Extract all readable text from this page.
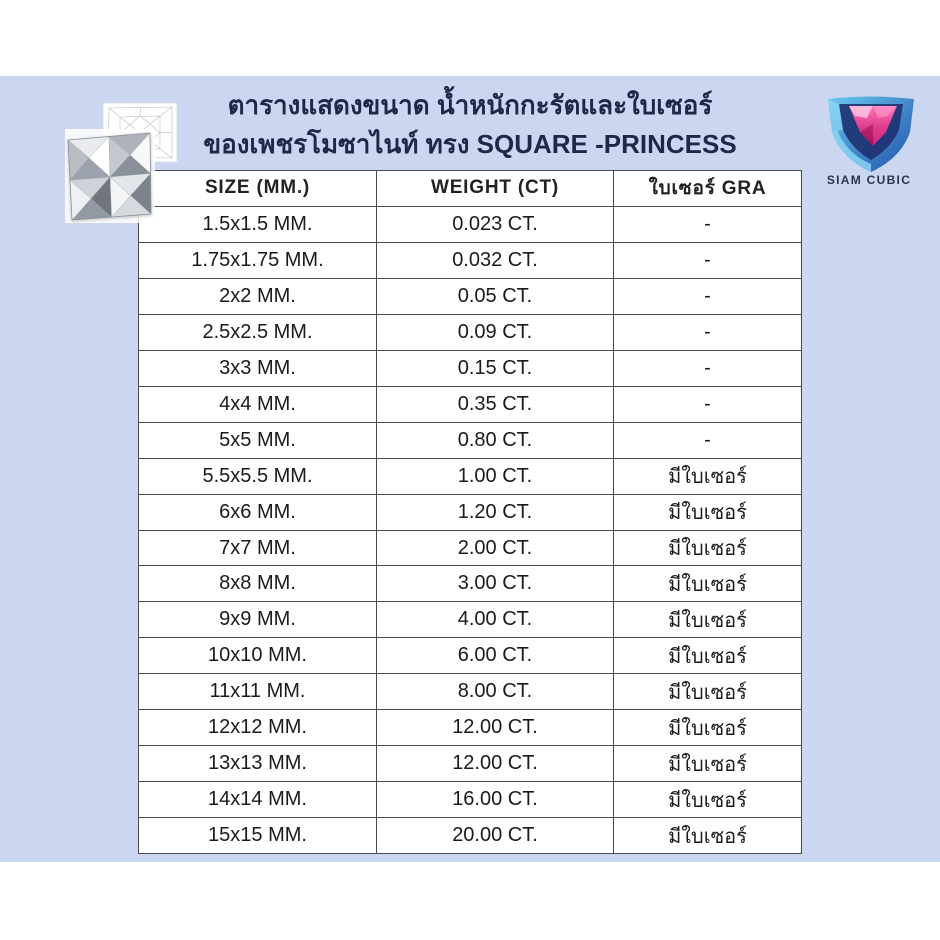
ตารางแสดงขนาด น้ำหนักกะรัตและใบเซอร์
ของเพชรโมซาไนท์ ทรง SQUARE -PRINCESS
SIZE (MM.)	WEIGHT (CT)	ใบเซอร์ GRA
1.5x1.5 MM.	0.023 CT.	-
1.75x1.75 MM.	0.032 CT.	-
2x2 MM.	0.05 CT.	-
2.5x2.5 MM.	0.09 CT.	-
3x3 MM.	0.15 CT.	-
4x4 MM.	0.35 CT.	-
5x5 MM.	0.80 CT.	-
5.5x5.5 MM.	1.00 CT.	มีใบเซอร์
6x6 MM.	1.20 CT.	มีใบเซอร์
7x7 MM.	2.00 CT.	มีใบเซอร์
8x8 MM.	3.00 CT.	มีใบเซอร์
9x9 MM.	4.00 CT.	มีใบเซอร์
10x10 MM.	6.00 CT.	มีใบเซอร์
11x11 MM.	8.00 CT.	มีใบเซอร์
12x12 MM.	12.00 CT.	มีใบเซอร์
13x13 MM.	12.00 CT.	มีใบเซอร์
14x14 MM.	16.00 CT.	มีใบเซอร์
15x15 MM.	20.00 CT.	มีใบเซอร์
SIAM CUBIC
